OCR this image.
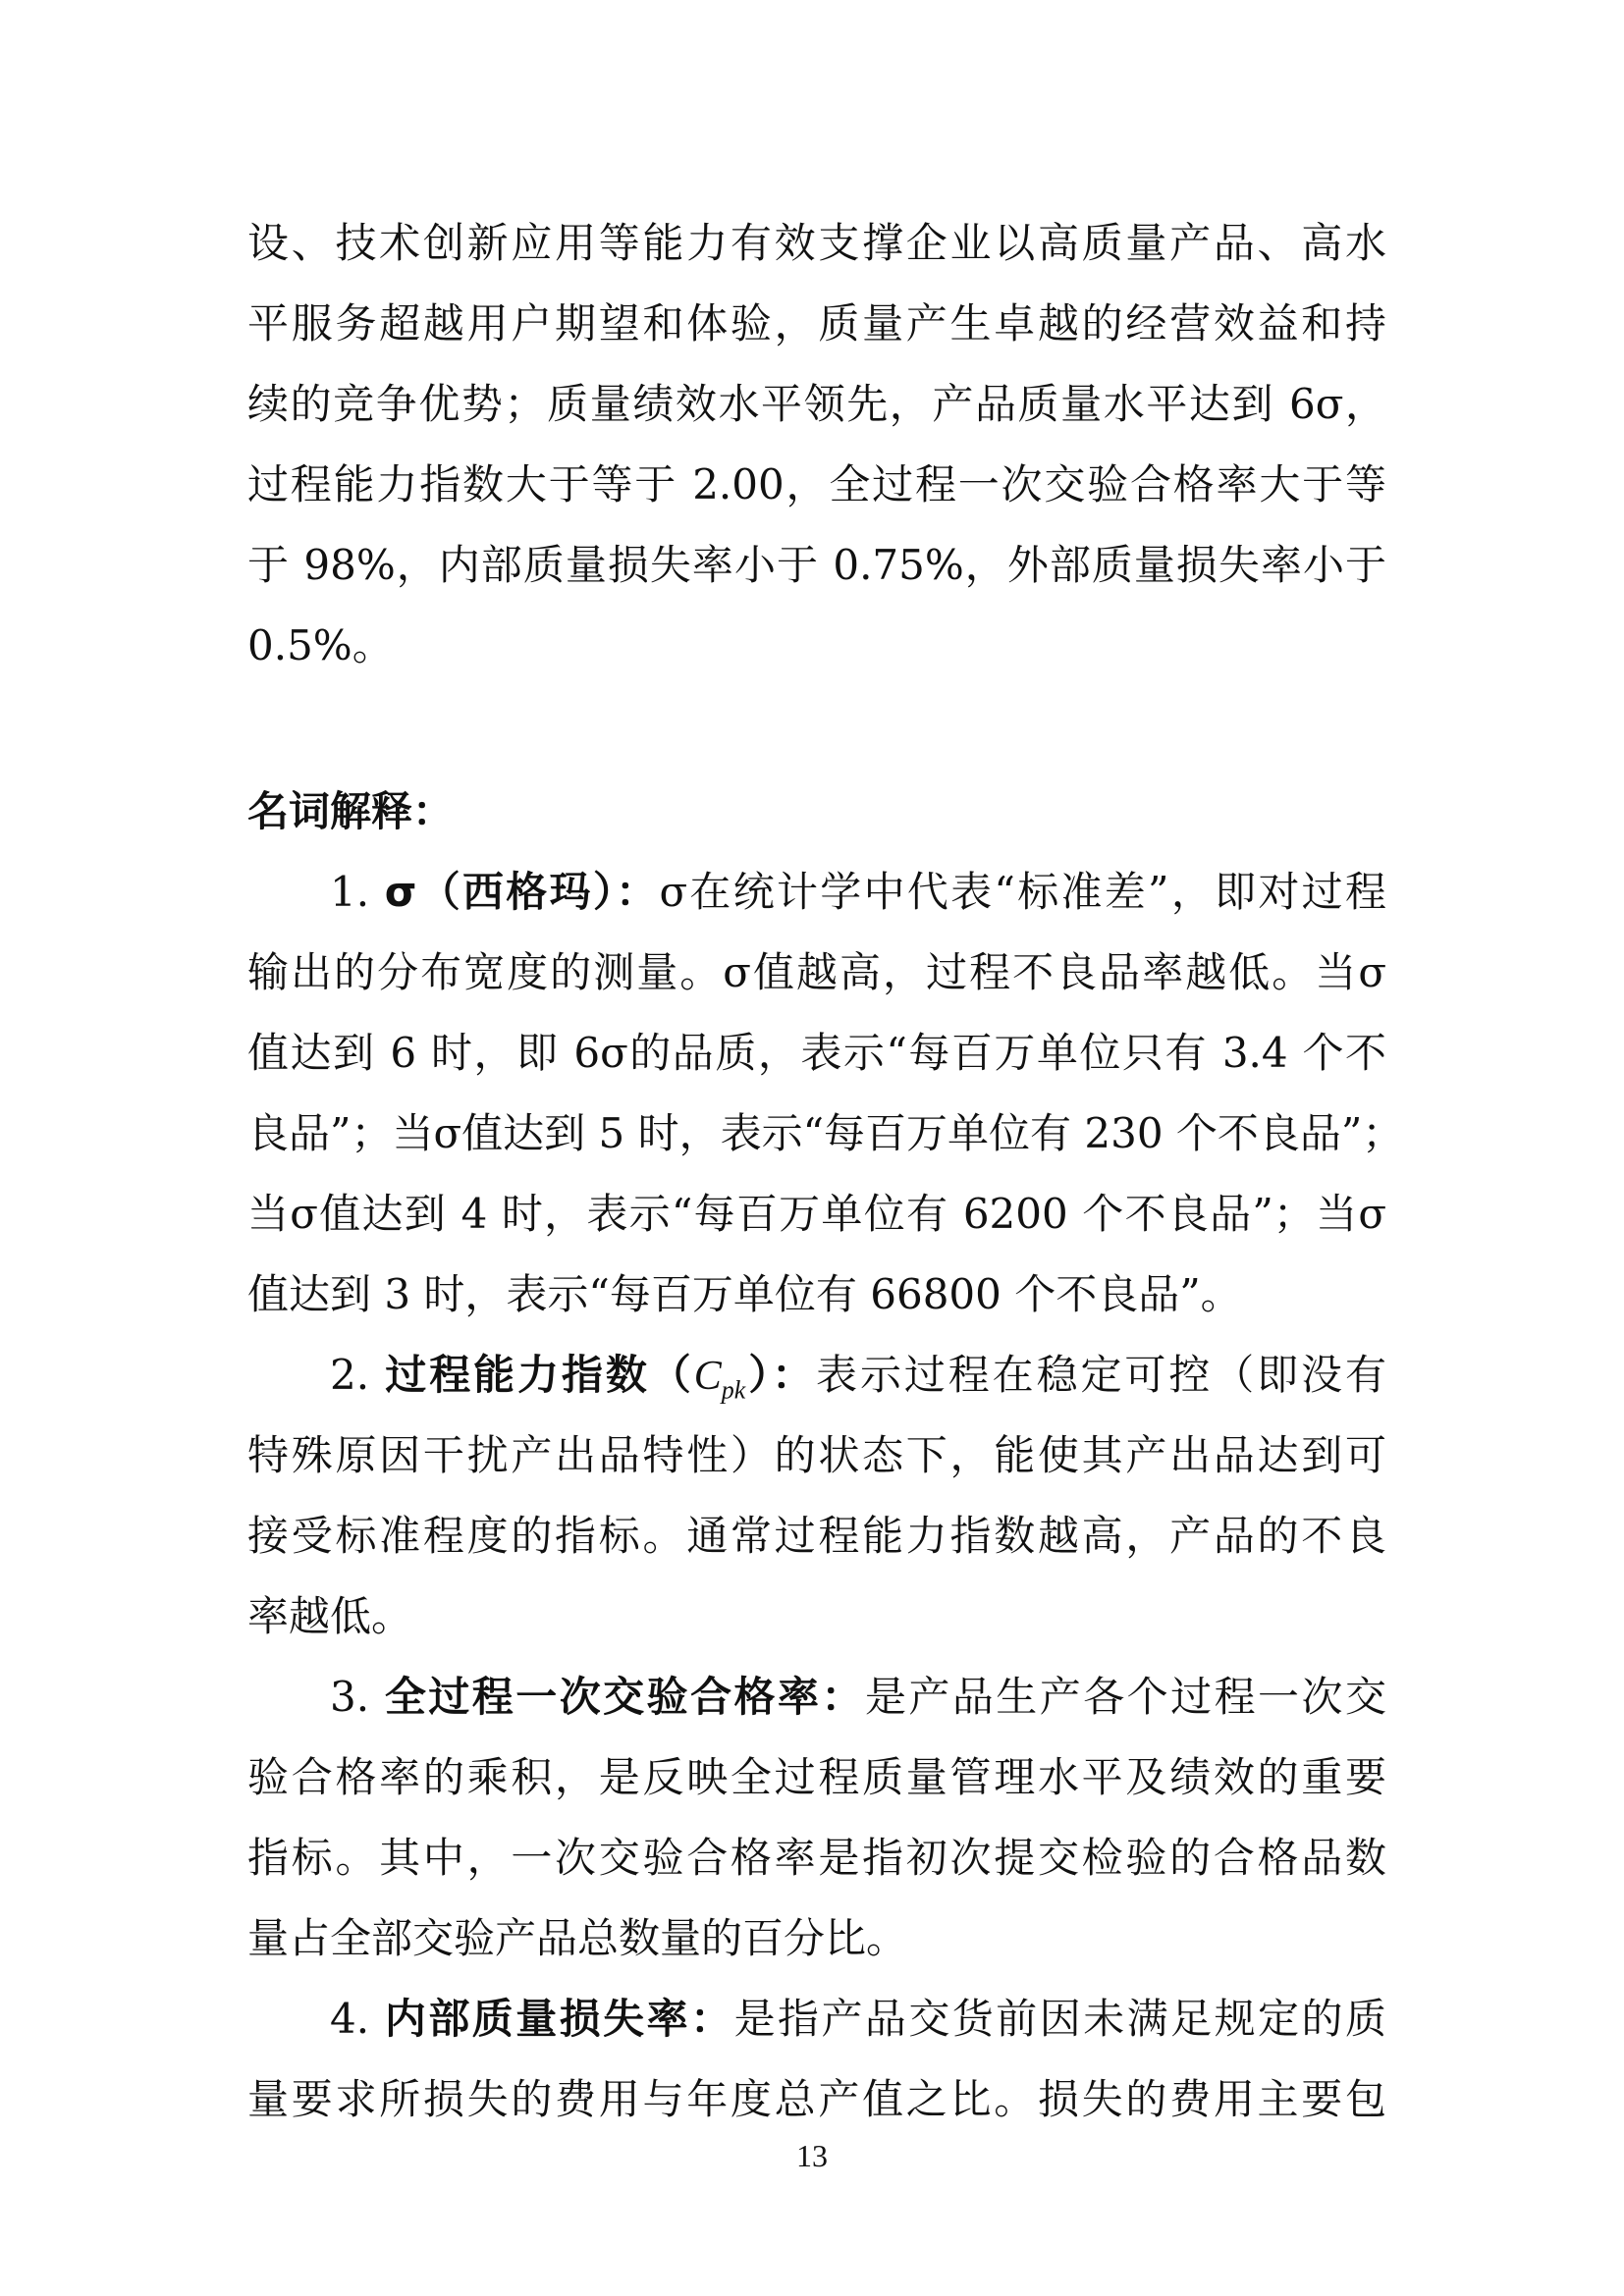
设、技术创新应用等能力有效支撑企业以高质量产品、高水
平服务超越用户期望和体验，质量产生卓越的经营效益和持
续的竞争优势；质量绩效水平领先，产品质量水平达到 6σ，
过程能力指数大于等于 2.00，全过程一次交验合格率大于等
于 98%，内部质量损失率小于 0.75%，外部质量损失率小于
0.5%。
名词解释：
1. σ（西格玛）：σ在统计学中代表“标准差”，即对过程
输出的分布宽度的测量。σ值越高，过程不良品率越低。当σ
值达到 6 时，即 6σ的品质，表示“每百万单位只有 3.4 个不
良品”；当σ值达到 5 时，表示“每百万单位有 230 个不良品”；
当σ值达到 4 时，表示“每百万单位有 6200 个不良品”；当σ
值达到 3 时，表示“每百万单位有 66800 个不良品”。
2. 过程能力指数$(C_{pk})$：表示过程在稳定可控（即没有
特殊原因干扰产出品特性）的状态下，能使其产出品达到可
接受标准程度的指标。通常过程能力指数越高，产品的不良
率越低。
3. 全过程一次交验合格率：是产品生产各个过程一次交
验合格率的乘积，是反映全过程质量管理水平及绩效的重要
指标。其中，一次交验合格率是指初次提交检验的合格品数
量占全部交验产品总数量的百分比。
4. 内部质量损失率：是指产品交货前因未满足规定的质
量要求所损失的费用与年度总产值之比。损失的费用主要包
13
